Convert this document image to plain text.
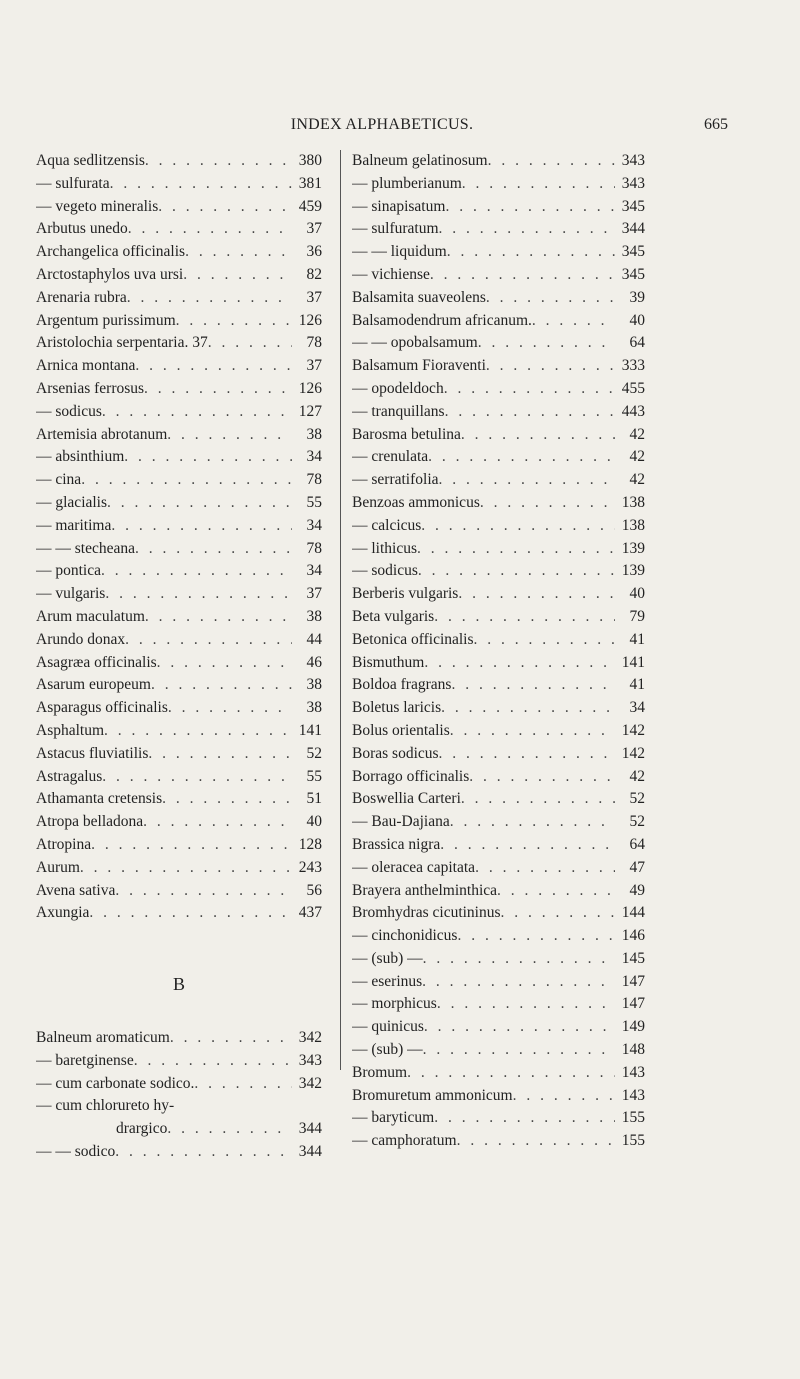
INDEX ALPHABETICUS.	665
Aqua sedlitzensis . . .	380
— sulfurata . . .	381
— vegeto mineralis . . .	459
Arbutus unedo . . .	37
Archangelica officinalis . . .	36
Arctostaphylos uva ursi . . .	82
Arenaria rubra . . .	37
Argentum purissimum . . .	126
Aristolochia serpentaria. 37 . . .	78
Arnica montana . . .	37
Arsenias ferrosus . . .	126
— sodicus . . .	127
Artemisia abrotanum . . .	38
— absinthium . . .	34
— cina . . .	78
— glacialis . . .	55
— maritima . . .	34
— — stecheana . . .	78
— pontica . . .	34
— vulgaris . . .	37
Arum maculatum . . .	38
Arundo donax . . .	44
Asagræa officinalis . . .	46
Asarum europeum . . .	38
Asparagus officinalis . . .	38
Asphaltum . . .	141
Astacus fluviatilis . . .	52
Astragalus . . .	55
Athamanta cretensis . . .	51
Atropa belladona . . .	40
Atropina . . .	128
Aurum . . .	243
Avena sativa . . .	56
Axungia . . .	437
B
Balneum aromaticum . . .	342
— baretginense . . .	343
— cum carbonate sodico. . . .	342
— cum chlorureto hy-
drargico . . .	344
— — sodico . . .	344
Balneum gelatinosum . . .	343
— plumberianum . . .	343
— sinapisatum . . .	345
— sulfuratum . . .	344
— — liquidum . . .	345
— vichiense . . .	345
Balsamita suaveolens . . .	39
Balsamodendrum africanum. . . .	40
— — opobalsamum . . .	64
Balsamum Fioraventi . . .	333
— opodeldoch . . .	455
— tranquillans . . .	443
Barosma betulina . . .	42
— crenulata . . .	42
— serratifolia . . .	42
Benzoas ammonicus . . .	138
— calcicus . . .	138
— lithicus . . .	139
— sodicus . . .	139
Berberis vulgaris . . .	40
Beta vulgaris . . .	79
Betonica officinalis . . .	41
Bismuthum . . .	141
Boldoa fragrans . . .	41
Boletus laricis . . .	34
Bolus orientalis . . .	142
Boras sodicus . . .	142
Borrago officinalis . . .	42
Boswellia Carteri . . .	52
— Bau-Dajiana . . .	52
Brassica nigra . . .	64
— oleracea capitata . . .	47
Brayera anthelminthica . . .	49
Bromhydras cicutininus . . .	144
— cinchonidicus . . .	146
— (sub) — . . .	145
— eserinus . . .	147
— morphicus . . .	147
— quinicus . . .	149
— (sub) — . . .	148
Bromum . . .	143
Bromuretum ammonicum . . .	143
— baryticum . . .	155
— camphoratum . . .	155
